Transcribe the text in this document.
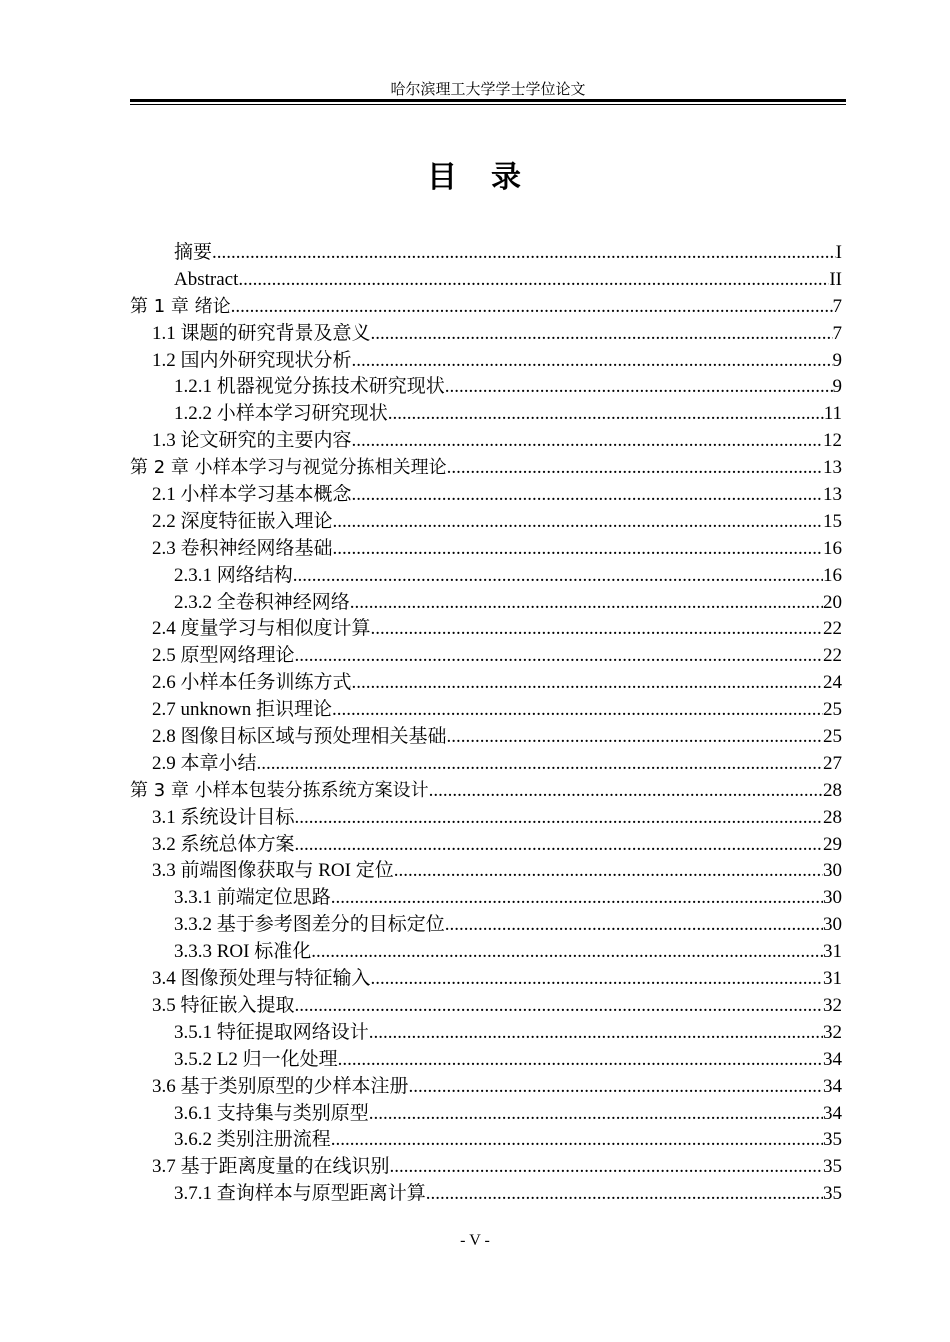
哈尔滨理工大学学士学位论文
目　录
摘要 .....	I
Abstract .....	II
第 1 章 绪论 .....	7
1.1 课题的研究背景及意义 .....	7
1.2 国内外研究现状分析 .....	9
1.2.1 机器视觉分拣技术研究现状 .....	9
1.2.2 小样本学习研究现状 .....	11
1.3 论文研究的主要内容 .....	12
第 2 章 小样本学习与视觉分拣相关理论 .....	13
2.1 小样本学习基本概念 .....	13
2.2 深度特征嵌入理论 .....	15
2.3 卷积神经网络基础 .....	16
2.3.1 网络结构 .....	16
2.3.2 全卷积神经网络 .....	20
2.4 度量学习与相似度计算 .....	22
2.5 原型网络理论 .....	22
2.6 小样本任务训练方式 .....	24
2.7 unknown 拒识理论 .....	25
2.8 图像目标区域与预处理相关基础 .....	25
2.9 本章小结 .....	27
第 3 章 小样本包装分拣系统方案设计 .....	28
3.1 系统设计目标 .....	28
3.2 系统总体方案 .....	29
3.3 前端图像获取与 ROI 定位 .....	30
3.3.1 前端定位思路 .....	30
3.3.2 基于参考图差分的目标定位 .....	30
3.3.3 ROI 标准化 .....	31
3.4 图像预处理与特征输入 .....	31
3.5 特征嵌入提取 .....	32
3.5.1 特征提取网络设计 .....	32
3.5.2 L2 归一化处理 .....	34
3.6 基于类别原型的少样本注册 .....	34
3.6.1 支持集与类别原型 .....	34
3.6.2 类别注册流程 .....	35
3.7 基于距离度量的在线识别 .....	35
3.7.1 查询样本与原型距离计算 .....	35
- V -
